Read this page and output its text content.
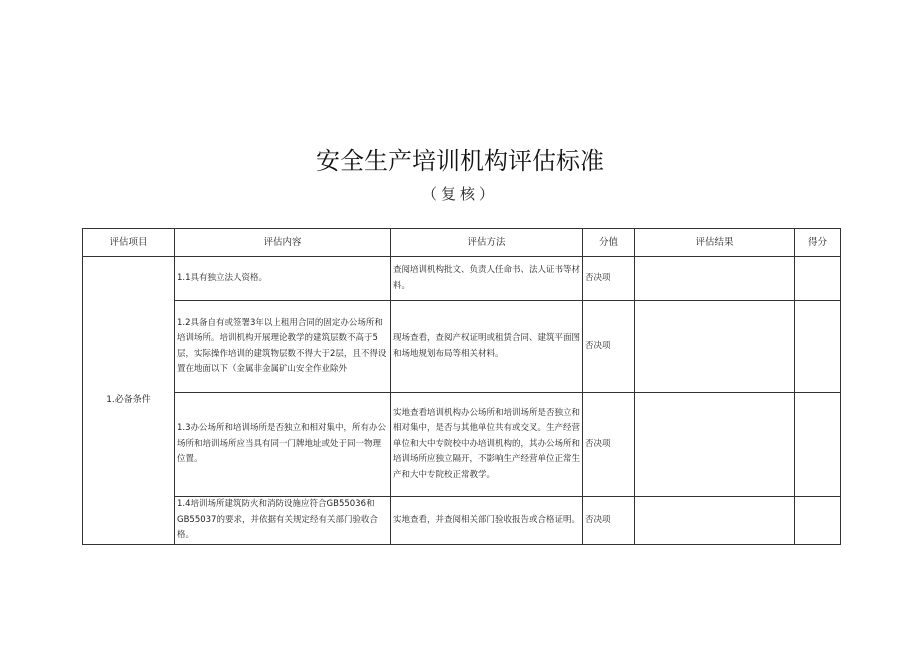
安全生产培训机构评估标准
（复核）
评估项目	评估内容	评估方法	分值	评估结果	得分
1.必备条件	1.1具有独立法人资格。	查阅培训机构批文、负责人任命书、法人证书等材料。	否决项		
	1.2具备自有或签署3年以上租用合同的固定办公场所和培训场所。培训机构开展理论教学的建筑层数不高于5层，实际操作培训的建筑物层数不得大于2层，且不得设置在地面以下（金属非金属矿山安全作业除外	现场查看，查阅产权证明或租赁合同、建筑平面图和场地规划布局等相关材料。	否决项		
	1.3办公场所和培训场所是否独立和相对集中，所有办公场所和培训场所应当具有同一门牌地址或处于同一物理位置。	实地查看培训机构办公场所和培训场所是否独立和相对集中，是否与其他单位共有或交叉。生产经营单位和大中专院校中办培训机构的，其办公场所和培训场所应独立隔开，不影响生产经营单位正常生产和大中专院校正常教学。	否决项		
	1.4培训场所建筑防火和消防设施应符合GB55036和GB55037的要求，并依据有关规定经有关部门验收合格。	实地查看，并查阅相关部门验收报告或合格证明。	否决项		
